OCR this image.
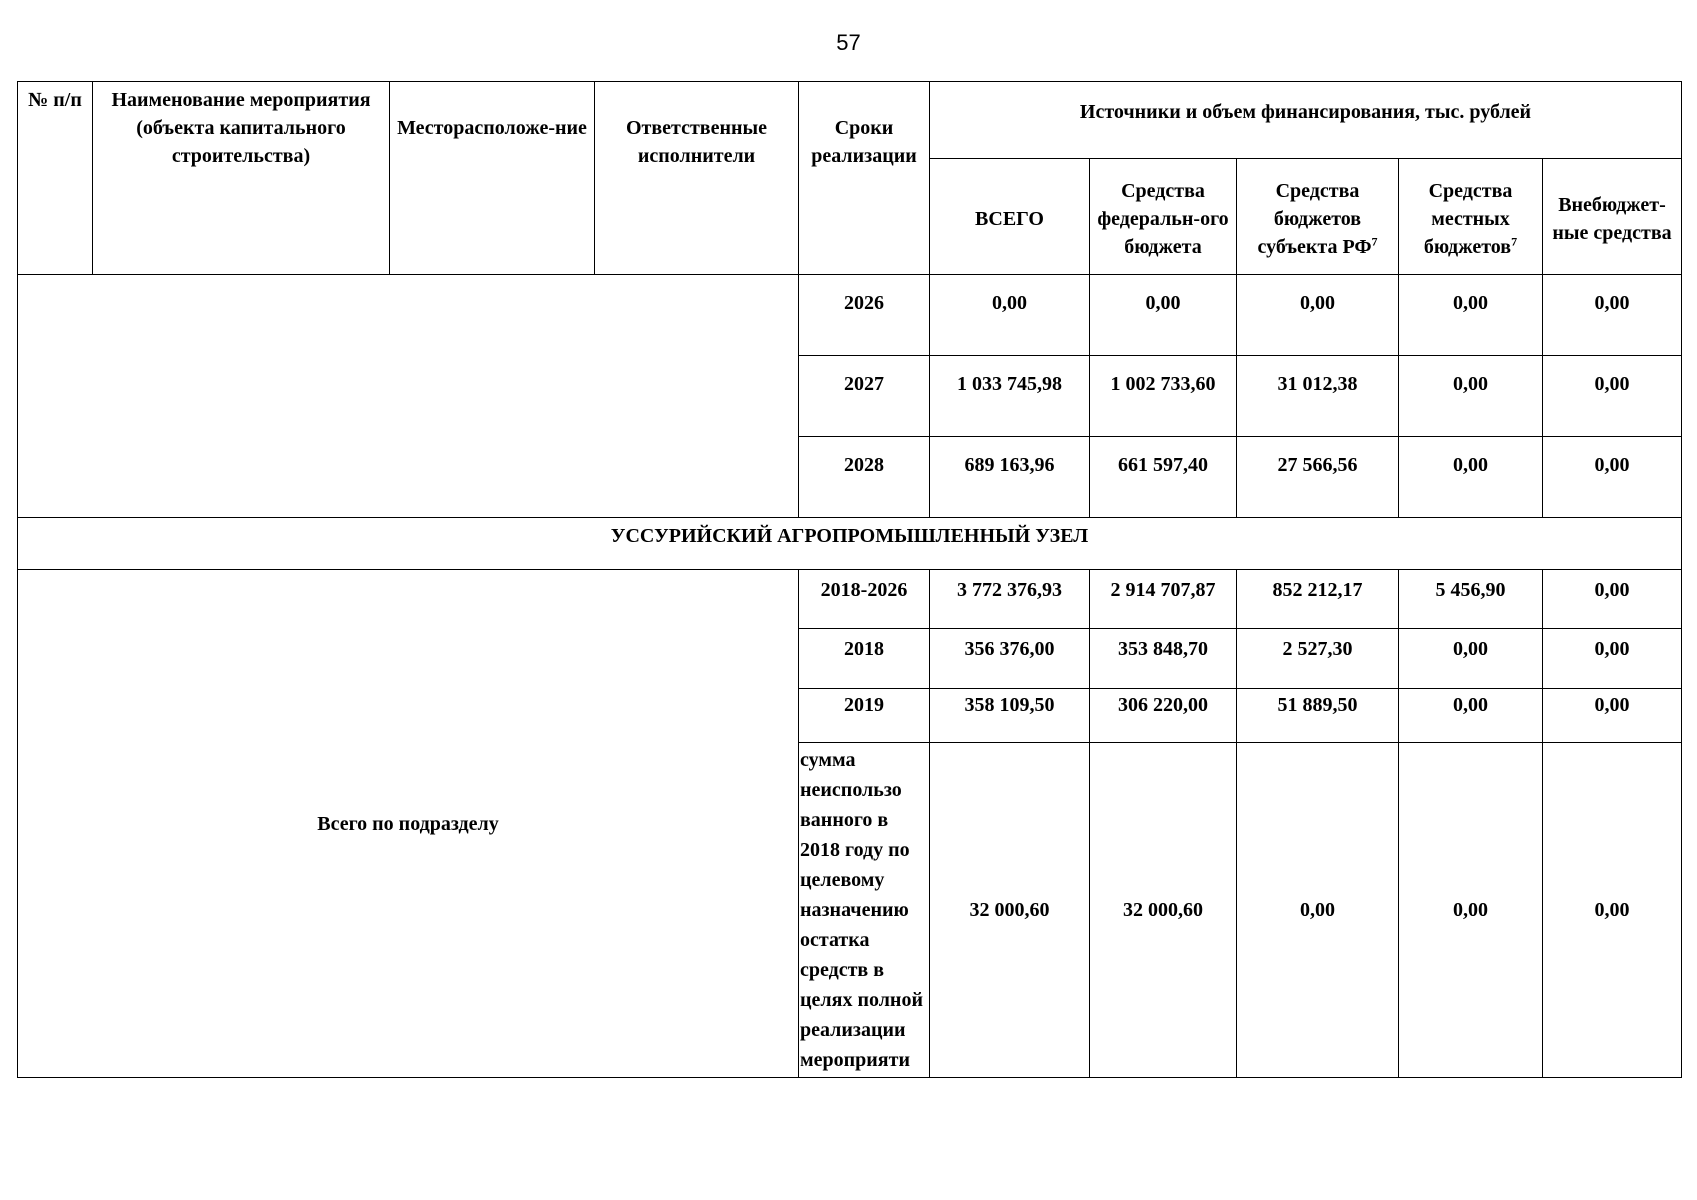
57
№ п/п	Наименование мероприятия (объекта капитального строительства)	Месторасположе-ние	Ответственные исполнители	Сроки реализации	Источники и объем финансирования, тыс. рублей				
					ВСЕГО	Средства федеральн-ого бюджета	Средства бюджетов субъекта $РФ^7$	Средства местных бюджетов$^7$	Внебюджет-ные средства
				2026	0,00	0,00	0,00	0,00	0,00
				2027	1 033 745,98	1 002 733,60	31 012,38	0,00	0,00
				2028	689 163,96	661 597,40	27 566,56	0,00	0,00
УССУРИЙСКИЙ АГРОПРОМЫШЛЕННЫЙ УЗЕЛ									
Всего по подразделу				2018-2026	3 772 376,93	2 914 707,87	852 212,17	5 456,90	0,00
				2018	356 376,00	353 848,70	2 527,30	0,00	0,00
				2019	358 109,50	306 220,00	51 889,50	0,00	0,00
				сумма неиспользо ванного в 2018 году по целевому назначению остатка средств в целях полной реализации мероприяти	32 000,60	32 000,60	0,00	0,00	0,00
